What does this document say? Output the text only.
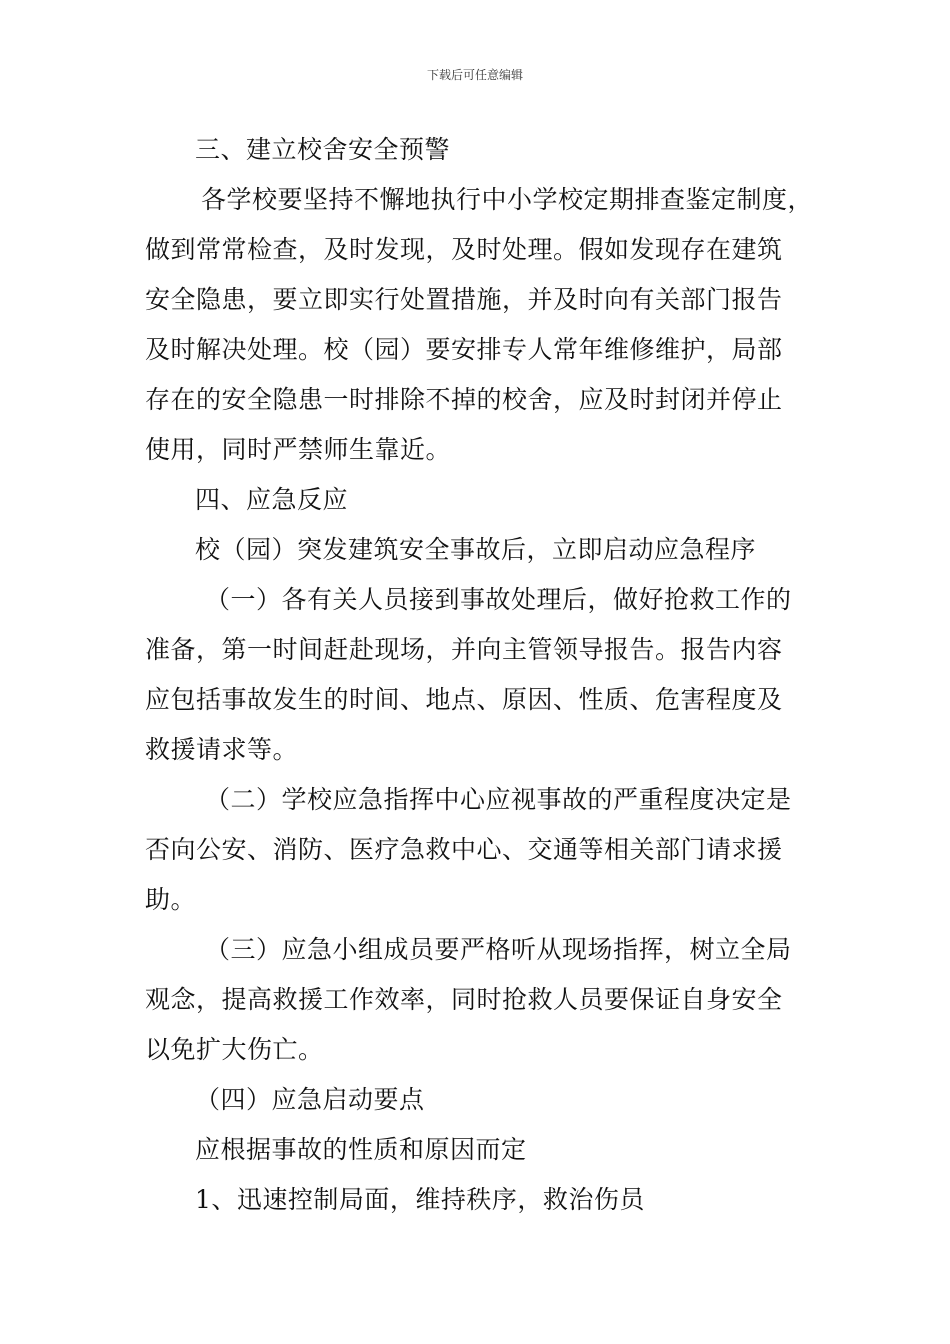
下载后可任意编辑
三、建立校舍安全预警
各学校要坚持不懈地执行中小学校定期排查鉴定制度，
做到常常检查，及时发现，及时处理。假如发现存在建筑
安全隐患，要立即实行处置措施，并及时向有关部门报告
及时解决处理。校（园）要安排专人常年维修维护，局部
存在的安全隐患一时排除不掉的校舍，应及时封闭并停止
使用，同时严禁师生靠近。
四、应急反应
校（园）突发建筑安全事故后，立即启动应急程序
（一）各有关人员接到事故处理后，做好抢救工作的
准备，第一时间赶赴现场，并向主管领导报告。报告内容
应包括事故发生的时间、地点、原因、性质、危害程度及
救援请求等。
（二）学校应急指挥中心应视事故的严重程度决定是
否向公安、消防、医疗急救中心、交通等相关部门请求援
助。
（三）应急小组成员要严格听从现场指挥，树立全局
观念，提高救援工作效率，同时抢救人员要保证自身安全
以免扩大伤亡。
（四）应急启动要点
应根据事故的性质和原因而定
1、迅速控制局面，维持秩序，救治伤员
